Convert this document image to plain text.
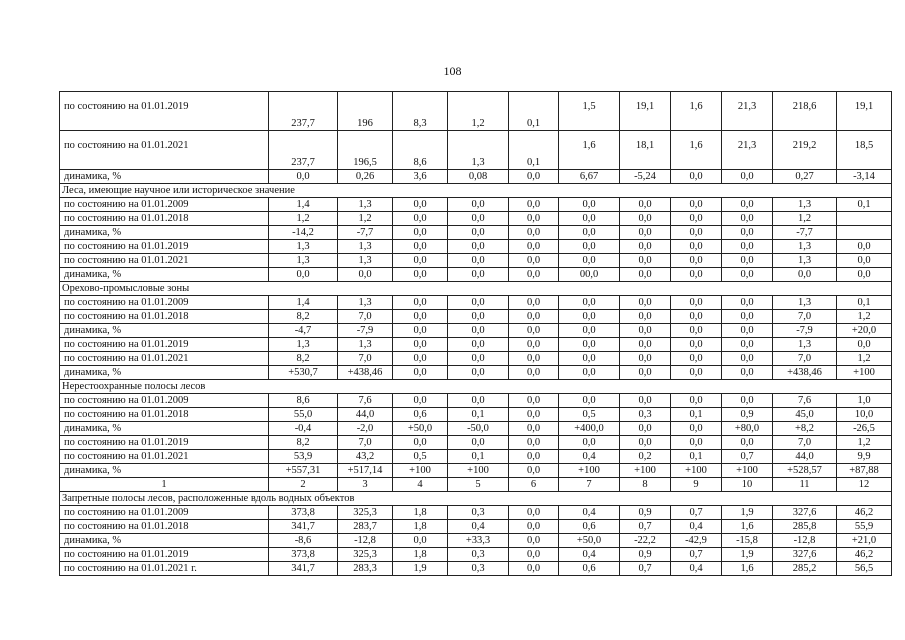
108
по состоянию на 01.01.2019	237,7	196	8,3	1,2	0,1	1,5	19,1	1,6	21,3	218,6	19,1
по состоянию на 01.01.2021	237,7	196,5	8,6	1,3	0,1	1,6	18,1	1,6	21,3	219,2	18,5
динамика, %	0,0	0,26	3,6	0,08	0,0	6,67	-5,24	0,0	0,0	0,27	-3,14
Леса, имеющие научное или историческое значение											
по состоянию на 01.01.2009	1,4	1,3	0,0	0,0	0,0	0,0	0,0	0,0	0,0	1,3	0,1
по состоянию на 01.01.2018	1,2	1,2	0,0	0,0	0,0	0,0	0,0	0,0	0,0	1,2	
динамика, %	-14,2	-7,7	0,0	0,0	0,0	0,0	0,0	0,0	0,0	-7,7	
по состоянию на 01.01.2019	1,3	1,3	0,0	0,0	0,0	0,0	0,0	0,0	0,0	1,3	0,0
по состоянию на 01.01.2021	1,3	1,3	0,0	0,0	0,0	0,0	0,0	0,0	0,0	1,3	0,0
динамика, %	0,0	0,0	0,0	0,0	0,0	00,0	0,0	0,0	0,0	0,0	0,0
Орехово-промысловые зоны											
по состоянию на 01.01.2009	1,4	1,3	0,0	0,0	0,0	0,0	0,0	0,0	0,0	1,3	0,1
по состоянию на 01.01.2018	8,2	7,0	0,0	0,0	0,0	0,0	0,0	0,0	0,0	7,0	1,2
динамика, %	-4,7	-7,9	0,0	0,0	0,0	0,0	0,0	0,0	0,0	-7,9	+20,0
по состоянию на 01.01.2019	1,3	1,3	0,0	0,0	0,0	0,0	0,0	0,0	0,0	1,3	0,0
по состоянию на 01.01.2021	8,2	7,0	0,0	0,0	0,0	0,0	0,0	0,0	0,0	7,0	1,2
динамика, %	+530,7	+438,46	0,0	0,0	0,0	0,0	0,0	0,0	0,0	+438,46	+100
Нерестоохранные полосы лесов											
по состоянию на 01.01.2009	8,6	7,6	0,0	0,0	0,0	0,0	0,0	0,0	0,0	7,6	1,0
по состоянию на 01.01.2018	55,0	44,0	0,6	0,1	0,0	0,5	0,3	0,1	0,9	45,0	10,0
динамика, %	-0,4	-2,0	+50,0	-50,0	0,0	+400,0	0,0	0,0	+80,0	+8,2	-26,5
по состоянию на 01.01.2019	8,2	7,0	0,0	0,0	0,0	0,0	0,0	0,0	0,0	7,0	1,2
по состоянию на 01.01.2021	53,9	43,2	0,5	0,1	0,0	0,4	0,2	0,1	0,7	44,0	9,9
динамика, %	+557,31	+517,14	+100	+100	0,0	+100	+100	+100	+100	+528,57	+87,88
1	2	3	4	5	6	7	8	9	10	11	12
Запретные полосы лесов, расположенные вдоль водных объектов											
по состоянию на 01.01.2009	373,8	325,3	1,8	0,3	0,0	0,4	0,9	0,7	1,9	327,6	46,2
по состоянию на 01.01.2018	341,7	283,7	1,8	0,4	0,0	0,6	0,7	0,4	1,6	285,8	55,9
динамика, %	-8,6	-12,8	0,0	+33,3	0,0	+50,0	-22,2	-42,9	-15,8	-12,8	+21,0
по состоянию на 01.01.2019	373,8	325,3	1,8	0,3	0,0	0,4	0,9	0,7	1,9	327,6	46,2
по состоянию на 01.01.2021 г.	341,7	283,3	1,9	0,3	0,0	0,6	0,7	0,4	1,6	285,2	56,5
